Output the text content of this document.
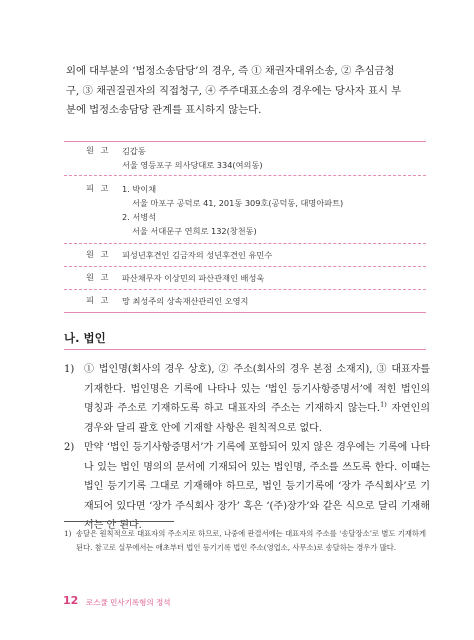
외에 대부분의 ‘법정소송담당’의 경우, 즉 ① 채권자대위소송, ② 추심금청

구, ③ 채권질권자의 직접청구, ④ 주주대표소송의 경우에는 당사자 표시 부

분에 법정소송담당 관계를 표시하지 않는다.

원 고	김갑동
서울 영등포구 의사당대로 334(여의동)
피 고	1. 박이채
서울 마포구 공덕로 41, 201동 309호(공덕동, 대명아파트)
2. 서병석
서울 서대문구 연희로 132(창천동)
원 고	피성년후견인 김금자의 성년후견인 유민수
원 고	파산채무자 이상민의 파산관재인 배성욱
피 고	망 최성주의 상속재산관리인 오영지
나. 법인
1) ① 법인명(회사의 경우 상호), ② 주소(회사의 경우 본점 소재지), ③ 대표자를 기재한다. 법인명은 기록에 나타나 있는 ‘법인 등기사항증명서’에 적힌 법인의 명칭과 주소로 기재하도록 하고 대표자의 주소는 기재하지 않는다.$^{1)}$ 자연인의 경우와 달리 괄호 안에 기재할 사항은 원칙적으로 없다.
2) 만약 ‘법인 등기사항증명서’가 기록에 포함되어 있지 않은 경우에는 기록에 나타나 있는 법인 명의의 문서에 기재되어 있는 법인명, 주소를 쓰도록 한다. 이때는 법인 등기기록 그대로 기재해야 하므로, 법인 등기기록에 ‘장가 주식회사’로 기재되어 있다면 ‘장가 주식회사 장가’ 혹은 ‘(주)장가’와 같은 식으로 달리 기재해서는 안 된다.
1) 송달은 원칙적으로 대표자의 주소지로 하므로, 나중에 판결서에는 대표자의 주소를 ‘송달장소’로 별도 기재하게 된다. 참고로 실무에서는 애초부터 법인 등기기록 법인 주소(영업소, 사무소)로 송달하는 경우가 많다.
12 로스쿨 민사기록형의 정석
